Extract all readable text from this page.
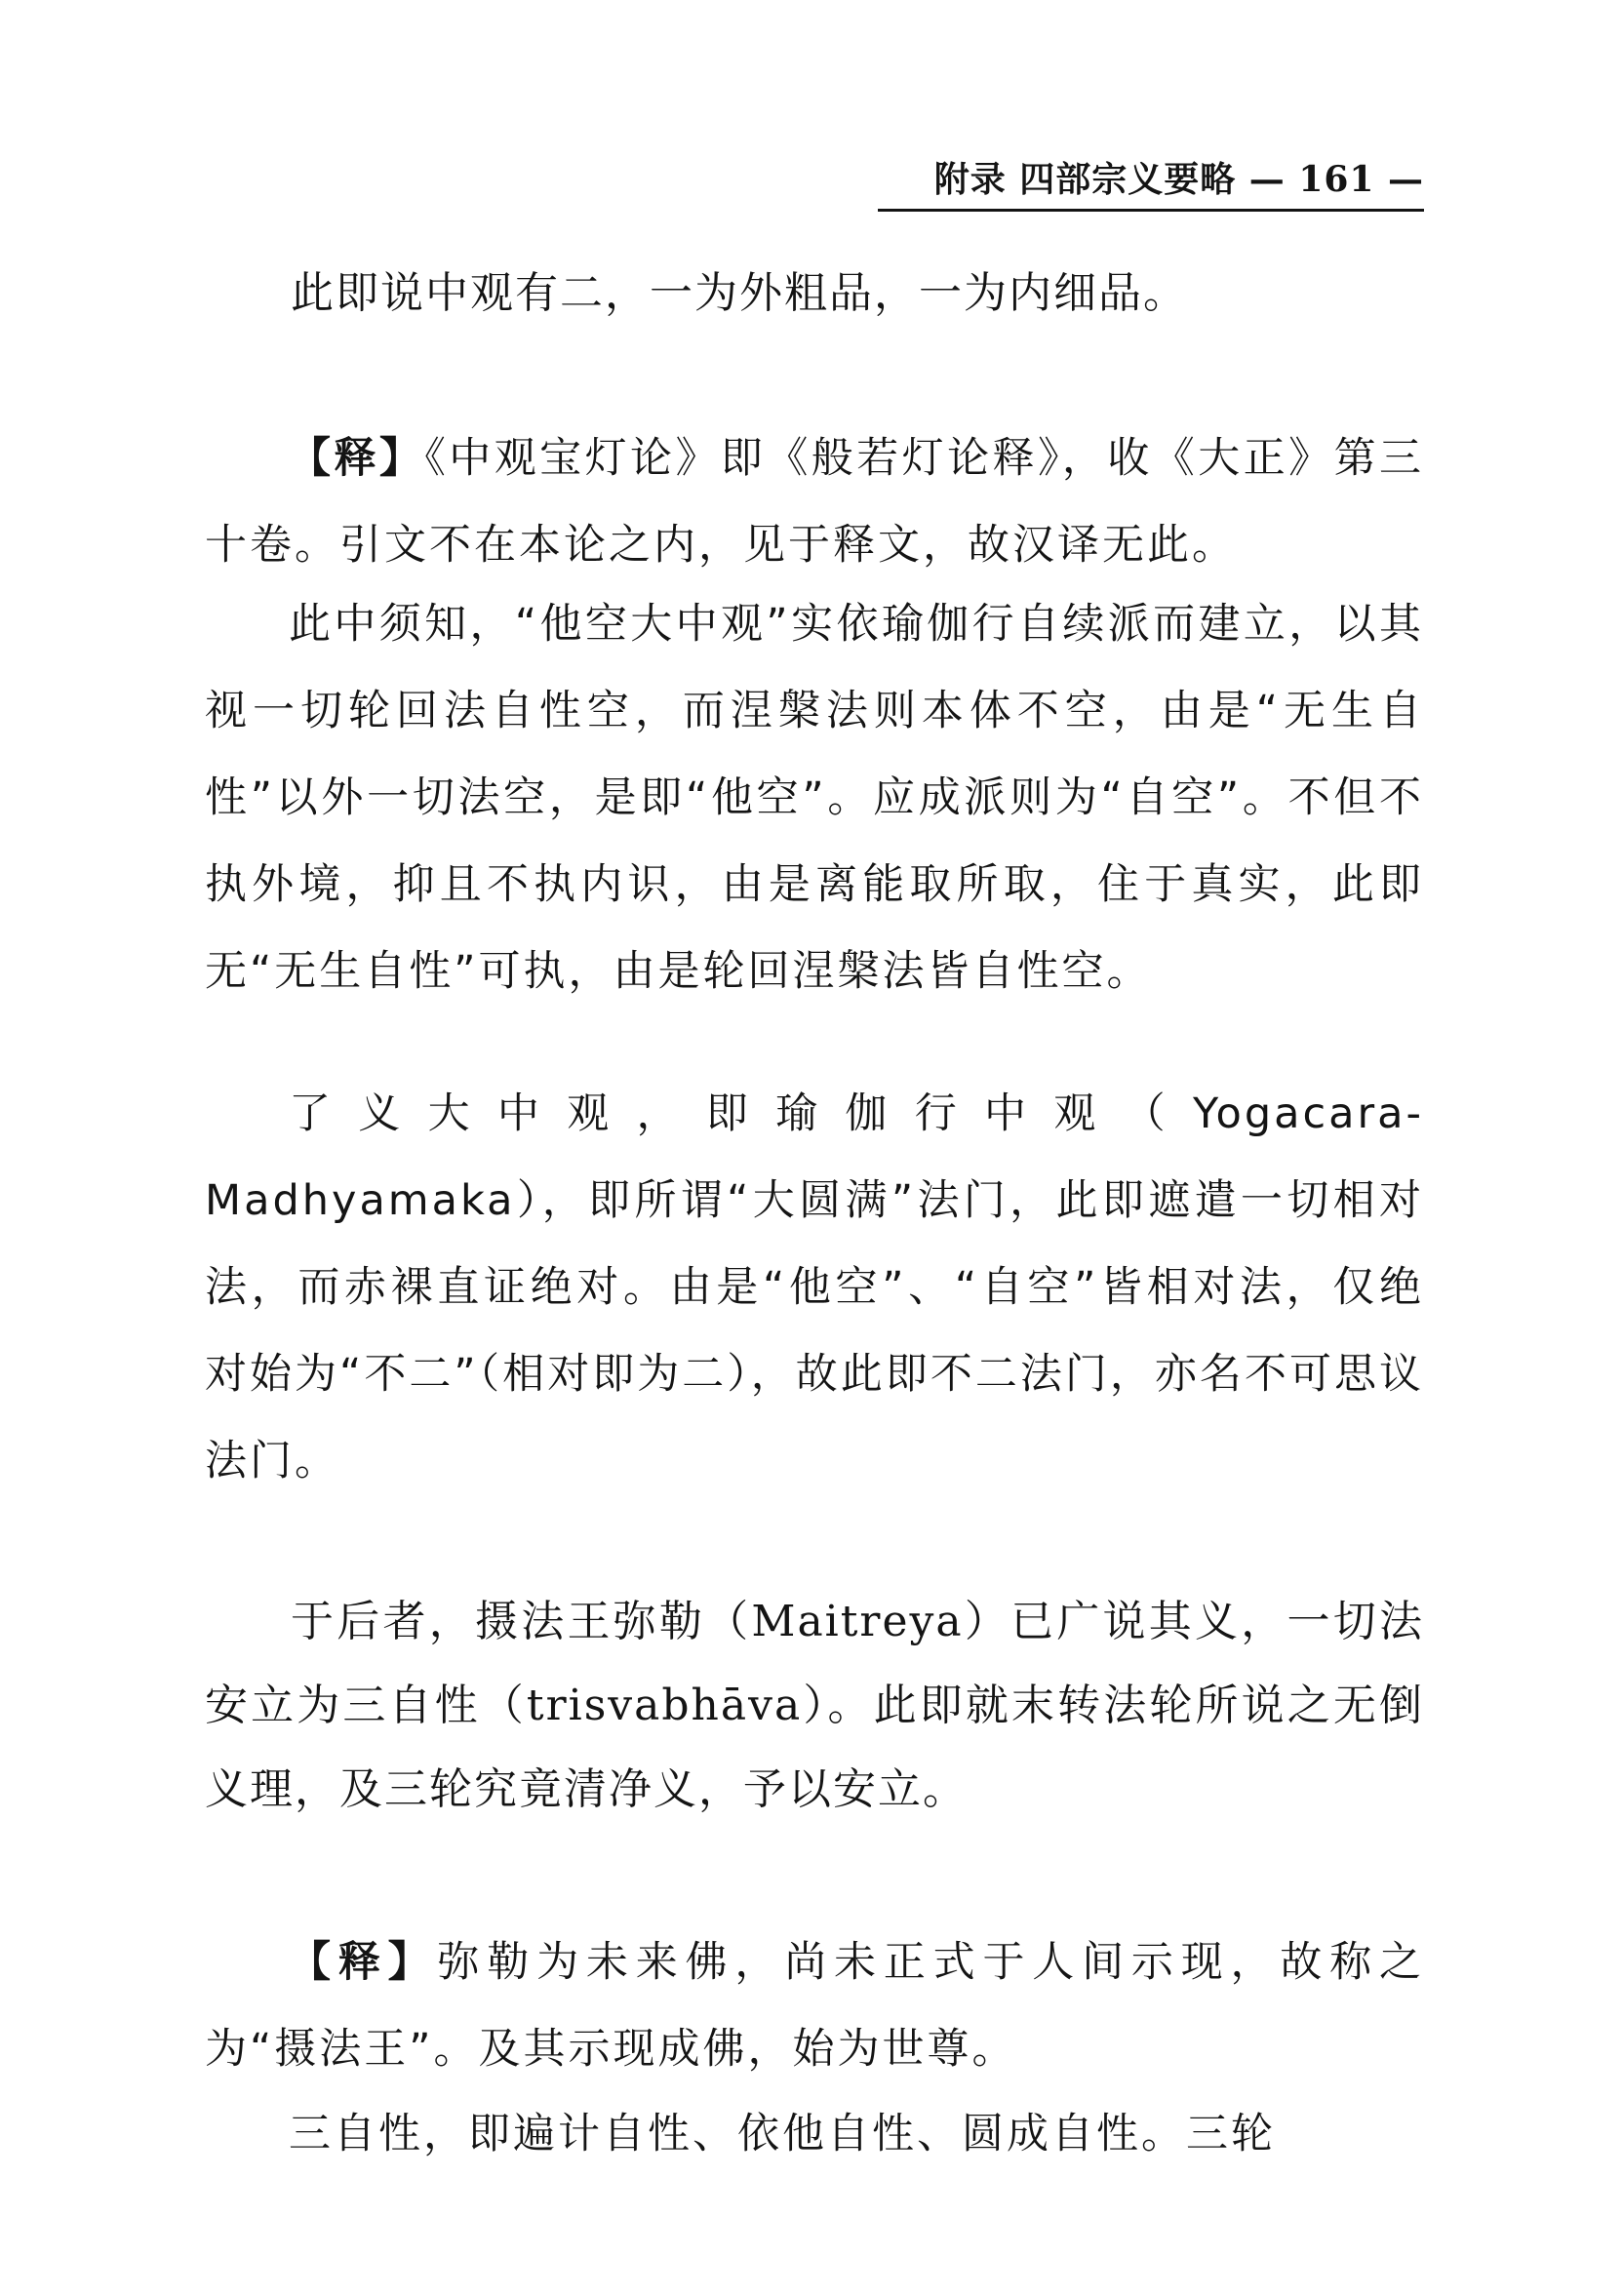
附录 四部宗义要略 — 161 —

此即说中观有二，一为外粗品，一为内细品。

【释】《中观宝灯论》即《般若灯论释》，收《大正》第三十卷。引文不在本论之内，见于释文，故汉译无此。

此中须知，“他空大中观”实依瑜伽行自续派而建立，以其视一切轮回法自性空，而涅槃法则本体不空，由是“无生自性”以外一切法空，是即“他空”。应成派则为“自空”。不但不执外境，抑且不执内识，由是离能取所取，住于真实，此即无“无生自性”可执，由是轮回涅槃法皆自性空。

了义大中观，即瑜伽行中观（Yogacara-Madhyamaka），即所谓“大圆满”法门，此即遮遣一切相对法，而赤裸直证绝对。由是“他空”、“自空”皆相对法，仅绝对始为“不二”（相对即为二），故此即不二法门，亦名不可思议法门。

于后者，摄法王弥勒（Maitreya）已广说其义，一切法安立为三自性（trisvabhāva）。此即就末转法轮所说之无倒义理，及三轮究竟清净义，予以安立。

【释】弥勒为未来佛，尚未正式于人间示现，故称之为“摄法王”。及其示现成佛，始为世尊。

三自性，即遍计自性、依他自性、圆成自性。三轮
